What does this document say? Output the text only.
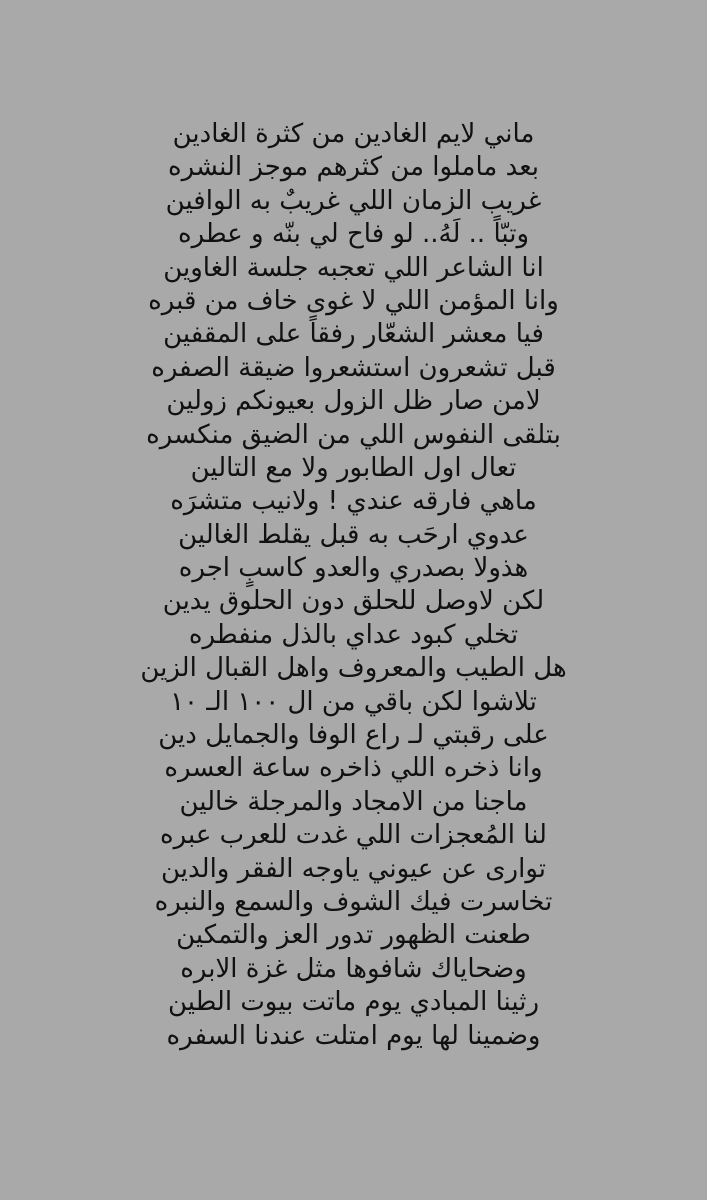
ماني لايم الغادين من كثرة الغادين
بعد ماملوا من كثرهم موجز النشره
غريب الزمان اللي غريبٌ به الوافين
وتبّاً .. لَهُ.. لو فاح لي بنّه و عطره
انا الشاعر اللي تعجبه جلسة الغاوين
وانا المؤمن اللي لا غوى خاف من قبره
فيا معشر الشعّار رفقاً على المقفين
قبل تشعرون استشعروا ضيقة الصفره
لامن صار ظل الزول بعيونكم زولين
بتلقى النفوس اللي من الضيق منكسره
تعال اول الطابور ولا مع التالين
ماهي فارقه عندي ! ولانيب متشرَه
عدوي ارحَب به قبل يقلط الغالين
هذولا بصدري والعدو كاسبٍ اجره
لكن لاوصل للحلق دون الحلوق يدين
تخلي كبود عداي بالذل منفطره
هل الطيب والمعروف واهل القبال الزين
تلاشوا لكن باقي من ال ١٠٠ الـ ١٠
على رقبتي لـ راع الوفا والجمايل دين
وانا ذخره اللي ذاخره ساعة العسره
ماجنا من الامجاد والمرجلة خالين
لنا المُعجزات اللي غدت للعرب عبره
توارى عن عيوني ياوجه الفقر والدين
تخاسرت فيك الشوف والسمع والنبره
طعنت الظهور تدور العز والتمكين
وضحاياك شافوها مثل غزة الابره
رثينا المبادي يوم ماتت بيوت الطين
وضمينا لها يوم امتلت عندنا السفره
